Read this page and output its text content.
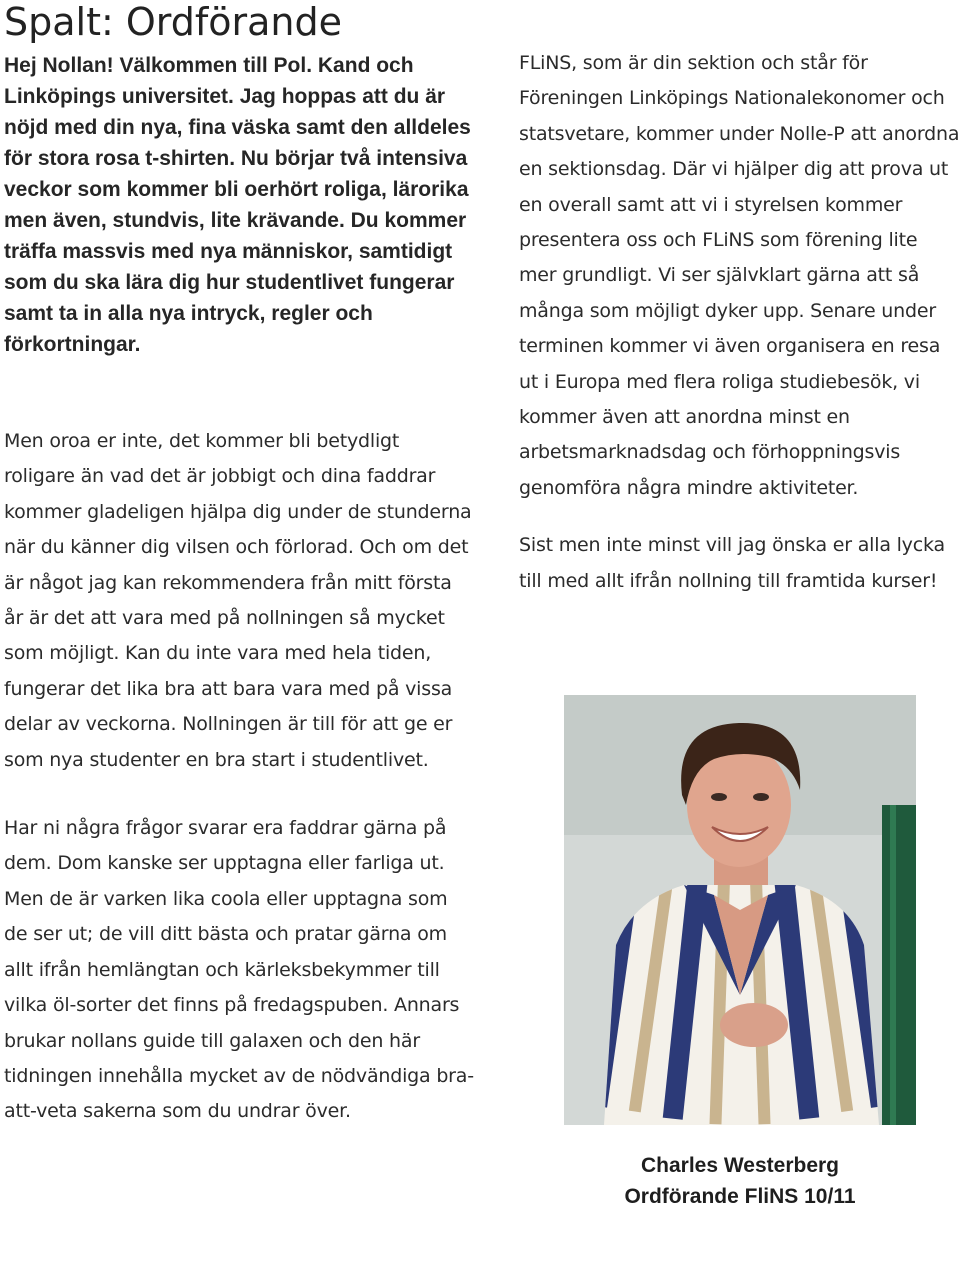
Spalt: Ordförande

Hej Nollan! Välkommen till Pol. Kand och Linköpings universitet. Jag hoppas att du är nöjd med din nya, fina väska samt den alldeles för stora rosa t-shirten. Nu börjar två intensiva veckor som kommer bli oerhört roliga, lärorika men även, stundvis, lite krävande. Du kommer träffa massvis med nya människor, samtidigt som du ska lära dig hur studentlivet fungerar samt ta in alla nya intryck, regler och förkortningar.

Men oroa er inte, det kommer bli betydligt roligare än vad det är jobbigt och dina faddrar kommer gladeligen hjälpa dig under de stunderna när du känner dig vilsen och förlorad. Och om det är något jag kan rekommendera från mitt första år är det att vara med på nollningen så mycket som möjligt. Kan du inte vara med hela tiden, fungerar det lika bra att bara vara med på vissa delar av veckorna. Nollningen är till för att ge er som nya studenter en bra start i studentlivet.

Har ni några frågor svarar era faddrar gärna på dem. Dom kanske ser upptagna eller farliga ut. Men de är varken lika coola eller upptagna som de ser ut; de vill ditt bästa och pratar gärna om allt ifrån hemlängtan och kärleksbekymmer till vilka öl-sorter det finns på fredagspuben. Annars brukar nollans guide till galaxen och den här tidningen innehålla mycket av de nödvändiga bra-att-veta sakerna som du undrar över.

FLiNS, som är din sektion och står för Föreningen Linköpings Nationalekonomer och statsvetare, kommer under Nolle-P att anordna en sektionsdag. Där vi hjälper dig att prova ut en overall samt att vi i styrelsen kommer presentera oss och FLiNS som förening lite mer grundligt. Vi ser självklart gärna att så många som möjligt dyker upp. Senare under terminen kommer vi även organisera en resa ut i Europa med flera roliga studiebesök, vi kommer även att anordna minst en arbetsmarknadsdag och förhoppningsvis genomföra några mindre aktiviteter.

Sist men inte minst vill jag önska er alla lycka till med allt ifrån nollning till framtida kurser!

Charles Westerberg
Ordförande FliNS 10/11
